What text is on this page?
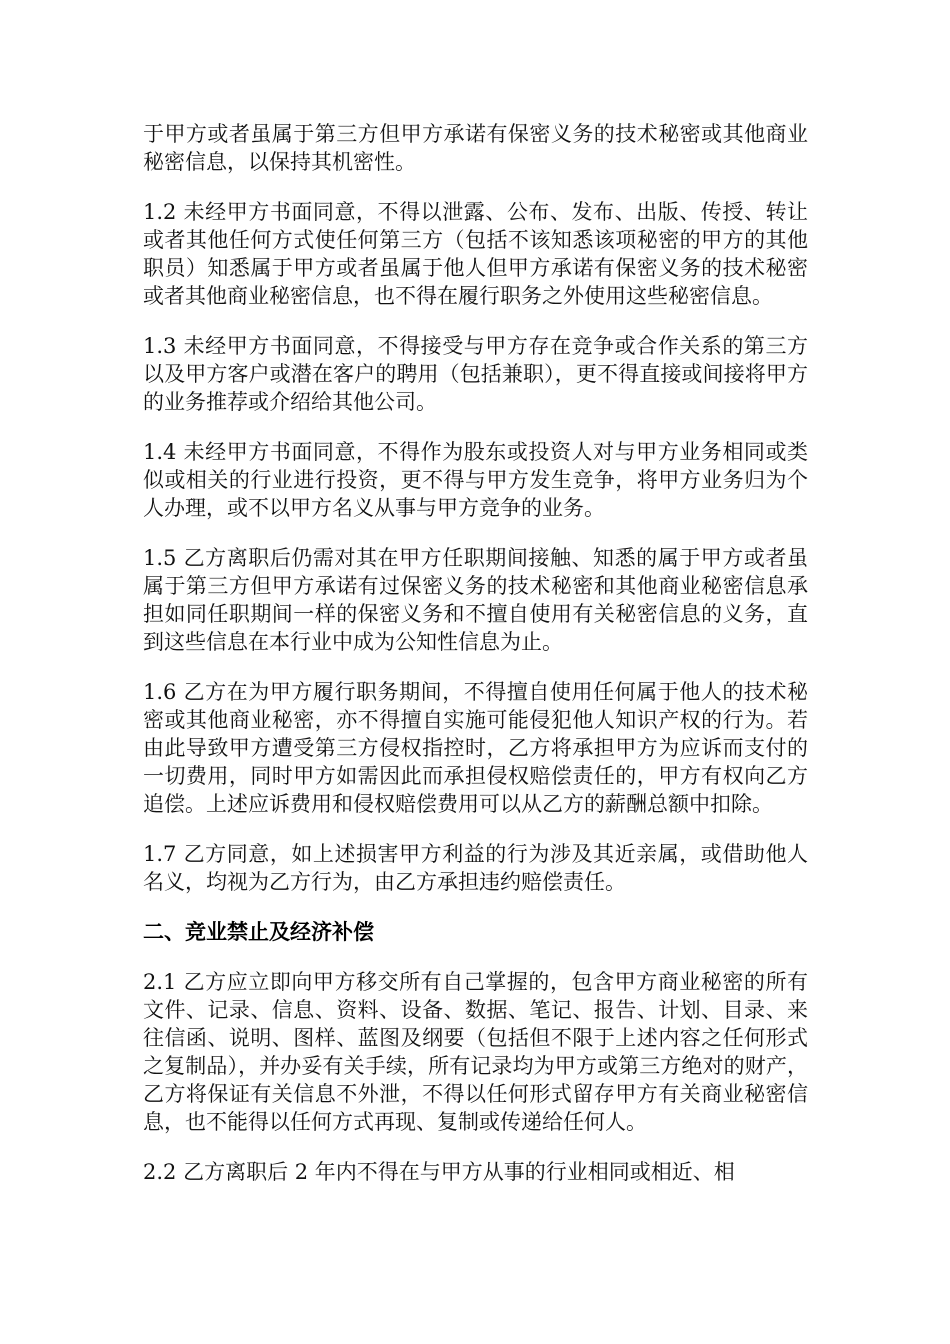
于甲方或者虽属于第三方但甲方承诺有保密义务的技术秘密或其他商业秘密信息，以保持其机密性。

1.2 未经甲方书面同意，不得以泄露、公布、发布、出版、传授、转让或者其他任何方式使任何第三方（包括不该知悉该项秘密的甲方的其他职员）知悉属于甲方或者虽属于他人但甲方承诺有保密义务的技术秘密或者其他商业秘密信息，也不得在履行职务之外使用这些秘密信息。

1.3 未经甲方书面同意，不得接受与甲方存在竞争或合作关系的第三方以及甲方客户或潜在客户的聘用（包括兼职），更不得直接或间接将甲方的业务推荐或介绍给其他公司。

1.4 未经甲方书面同意，不得作为股东或投资人对与甲方业务相同或类似或相关的行业进行投资，更不得与甲方发生竞争，将甲方业务归为个人办理，或不以甲方名义从事与甲方竞争的业务。

1.5 乙方离职后仍需对其在甲方任职期间接触、知悉的属于甲方或者虽属于第三方但甲方承诺有过保密义务的技术秘密和其他商业秘密信息承担如同任职期间一样的保密义务和不擅自使用有关秘密信息的义务，直到这些信息在本行业中成为公知性信息为止。

1.6 乙方在为甲方履行职务期间，不得擅自使用任何属于他人的技术秘密或其他商业秘密，亦不得擅自实施可能侵犯他人知识产权的行为。若由此导致甲方遭受第三方侵权指控时，乙方将承担甲方为应诉而支付的一切费用，同时甲方如需因此而承担侵权赔偿责任的，甲方有权向乙方追偿。上述应诉费用和侵权赔偿费用可以从乙方的薪酬总额中扣除。

1.7 乙方同意，如上述损害甲方利益的行为涉及其近亲属，或借助他人名义，均视为乙方行为，由乙方承担违约赔偿责任。

二、竞业禁止及经济补偿

2.1 乙方应立即向甲方移交所有自己掌握的，包含甲方商业秘密的所有文件、记录、信息、资料、设备、数据、笔记、报告、计划、目录、来往信函、说明、图样、蓝图及纲要（包括但不限于上述内容之任何形式之复制品），并办妥有关手续，所有记录均为甲方或第三方绝对的财产，乙方将保证有关信息不外泄，不得以任何形式留存甲方有关商业秘密信息，也不能得以任何方式再现、复制或传递给任何人。

2.2 乙方离职后 2 年内不得在与甲方从事的行业相同或相近、相
